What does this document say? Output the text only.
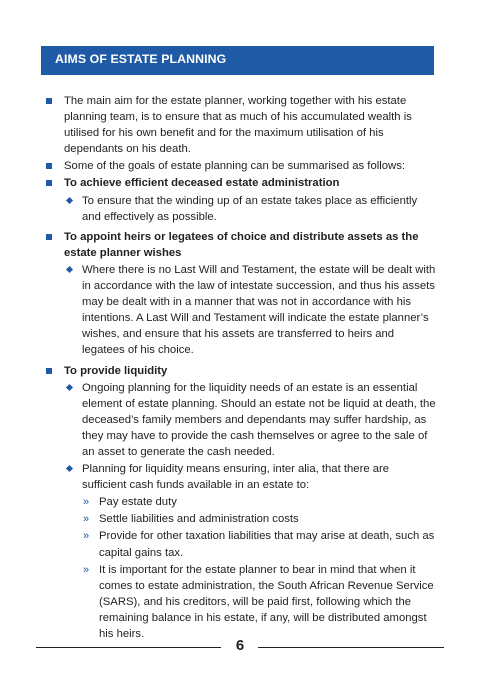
AIMS OF ESTATE PLANNING
The main aim for the estate planner, working together with his estate planning team, is to ensure that as much of his accumulated wealth is utilised for his own benefit and for the maximum utilisation of his dependants on his death.
Some of the goals of estate planning can be summarised as follows:
To achieve efficient deceased estate administration
To ensure that the winding up of an estate takes place as efficiently and effectively as possible.
To appoint heirs or legatees of choice and distribute assets as the estate planner wishes
Where there is no Last Will and Testament, the estate will be dealt with in accordance with the law of intestate succession, and thus his assets may be dealt with in a manner that was not in accordance with his intentions. A Last Will and Testament will indicate the estate planner’s wishes, and ensure that his assets are transferred to heirs and legatees of his choice.
To provide liquidity
Ongoing planning for the liquidity needs of an estate is an essential element of estate planning. Should an estate not be liquid at death, the deceased’s family members and dependants may suffer hardship, as they may have to provide the cash themselves or agree to the sale of an asset to generate the cash needed.
Planning for liquidity means ensuring, inter alia, that there are sufficient cash funds available in an estate to:
» Pay estate duty
» Settle liabilities and administration costs
» Provide for other taxation liabilities that may arise at death, such as capital gains tax.
» It is important for the estate planner to bear in mind that when it comes to estate administration, the South African Revenue Service (SARS), and his creditors, will be paid first, following which the remaining balance in his estate, if any, will be distributed amongst his heirs.
6
